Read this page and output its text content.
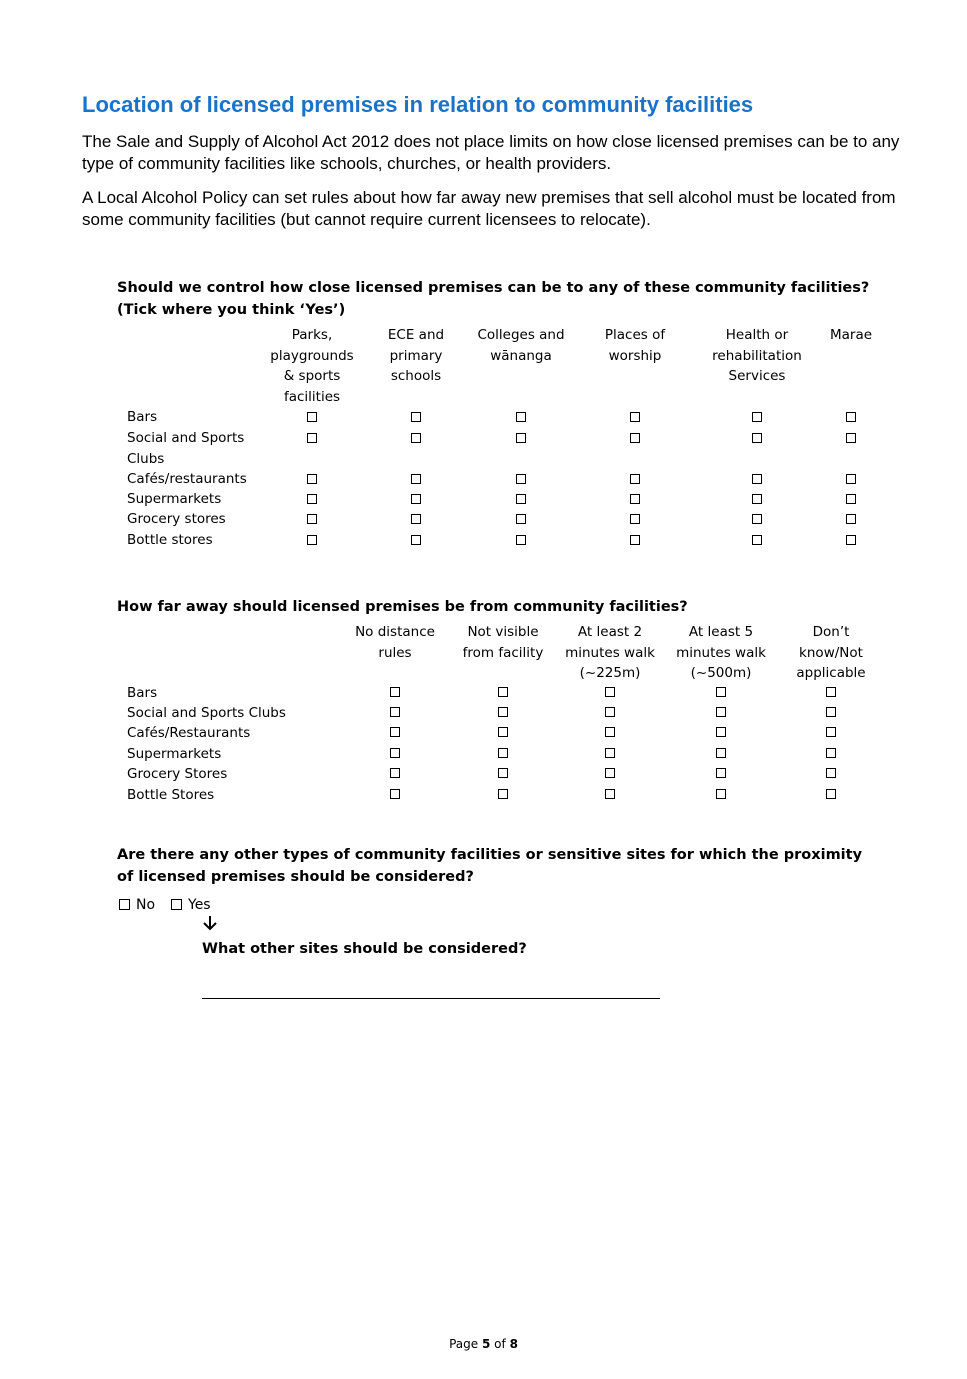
Location of licensed premises in relation to community facilities

The Sale and Supply of Alcohol Act 2012 does not place limits on how close licensed premises can be to any type of community facilities like schools, churches, or health providers.

A Local Alcohol Policy can set rules about how far away new premises that sell alcohol must be located from some community facilities (but cannot require current licensees to relocate).

Should we control how close licensed premises can be to any of these community facilities? (Tick where you think ‘Yes’)

Parks,
playgrounds
& sports
facilities
ECE and
primary
schools
Colleges and
wānanga
Places of
worship
Health or
rehabilitation
Services
Marae
Bars
Social and Sports
Clubs
Cafés/restaurants
Supermarkets
Grocery stores
Bottle stores

How far away should licensed premises be from community facilities?

No distance
rules
Not visible
from facility
At least 2
minutes walk
(~225m)
At least 5
minutes walk
(~500m)
Don’t
know/Not
applicable
Bars
Social and Sports Clubs
Cafés/Restaurants
Supermarkets
Grocery Stores
Bottle Stores

Are there any other types of community facilities or sensitive sites for which the proximity of licensed premises should be considered?

No	Yes

What other sites should be considered?

Page 5 of 8
